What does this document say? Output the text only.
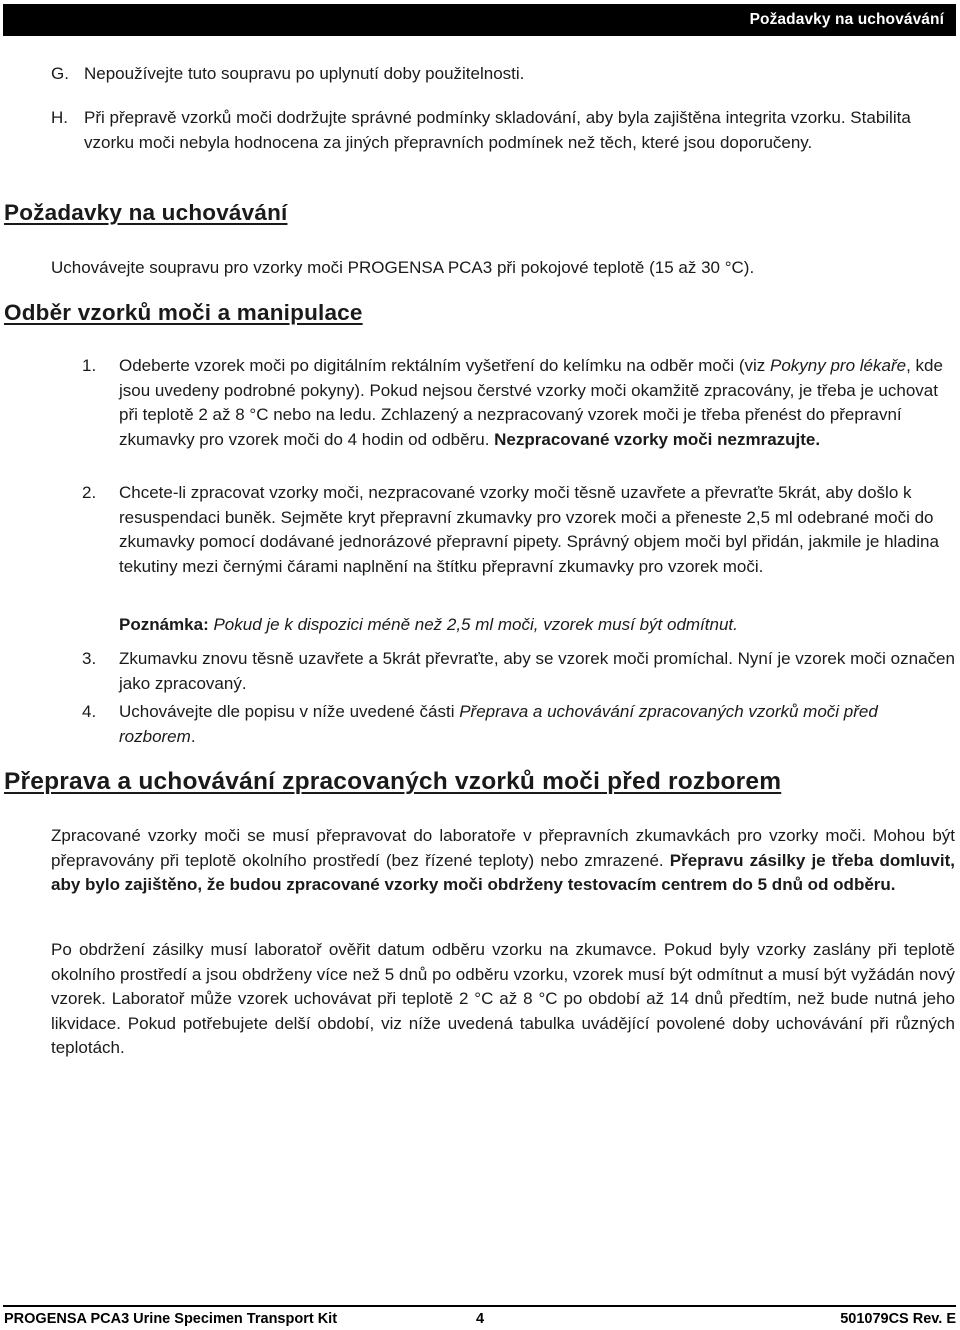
Požadavky na uchovávání
G. Nepoužívejte tuto soupravu po uplynutí doby použitelnosti.
H. Při přepravě vzorků moči dodržujte správné podmínky skladování, aby byla zajištěna integrita vzorku. Stabilita vzorku moči nebyla hodnocena za jiných přepravních podmínek než těch, které jsou doporučeny.
Požadavky na uchovávání
Uchovávejte soupravu pro vzorky moči PROGENSA PCA3 při pokojové teplotě (15 až 30 °C).
Odběr vzorků moči a manipulace
1.	Odeberte vzorek moči po digitálním rektálním vyšetření do kelímku na odběr moči (viz Pokyny pro lékaře, kde jsou uvedeny podrobné pokyny). Pokud nejsou čerstvé vzorky moči okamžitě zpracovány, je třeba je uchovat při teplotě 2 až 8 °C nebo na ledu. Zchlazený a nezpracovaný vzorek moči je třeba přenést do přepravní zkumavky pro vzorek moči do 4 hodin od odběru. Nezpracované vzorky moči nezmrazujte.
2.	Chcete-li zpracovat vzorky moči, nezpracované vzorky moči těsně uzavřete a převraťte 5krát, aby došlo k resuspendaci buněk. Sejměte kryt přepravní zkumavky pro vzorek moči a přeneste 2,5 ml odebrané moči do zkumavky pomocí dodávané jednorázové přepravní pipety. Správný objem moči byl přidán, jakmile je hladina tekutiny mezi černými čárami naplnění na štítku přepravní zkumavky pro vzorek moči.
Poznámka: Pokud je k dispozici méně než 2,5 ml moči, vzorek musí být odmítnut.
3.	Zkumavku znovu těsně uzavřete a 5krát převraťte, aby se vzorek moči promíchal. Nyní je vzorek moči označen jako zpracovaný.
4.	Uchovávejte dle popisu v níže uvedené části Přeprava a uchovávání zpracovaných vzorků moči před rozborem.
Přeprava a uchovávání zpracovaných vzorků moči před rozborem
Zpracované vzorky moči se musí přepravovat do laboratoře v přepravních zkumavkách pro vzorky moči. Mohou být přepravovány při teplotě okolního prostředí (bez řízené teploty) nebo zmrazené. Přepravu zásilky je třeba domluvit, aby bylo zajištěno, že budou zpracované vzorky moči obdrženy testovacím centrem do 5 dnů od odběru.
Po obdržení zásilky musí laboratoř ověřit datum odběru vzorku na zkumavce. Pokud byly vzorky zaslány při teplotě okolního prostředí a jsou obdrženy více než 5 dnů po odběru vzorku, vzorek musí být odmítnut a musí být vyžádán nový vzorek. Laboratoř může vzorek uchovávat při teplotě 2 °C až 8 °C po období až 14 dnů předtím, než bude nutná jeho likvidace. Pokud potřebujete delší období, viz níže uvedená tabulka uvádějící povolené doby uchovávání při různých teplotách.
PROGENSA PCA3 Urine Specimen Transport Kit	4	501079CS Rev. E
